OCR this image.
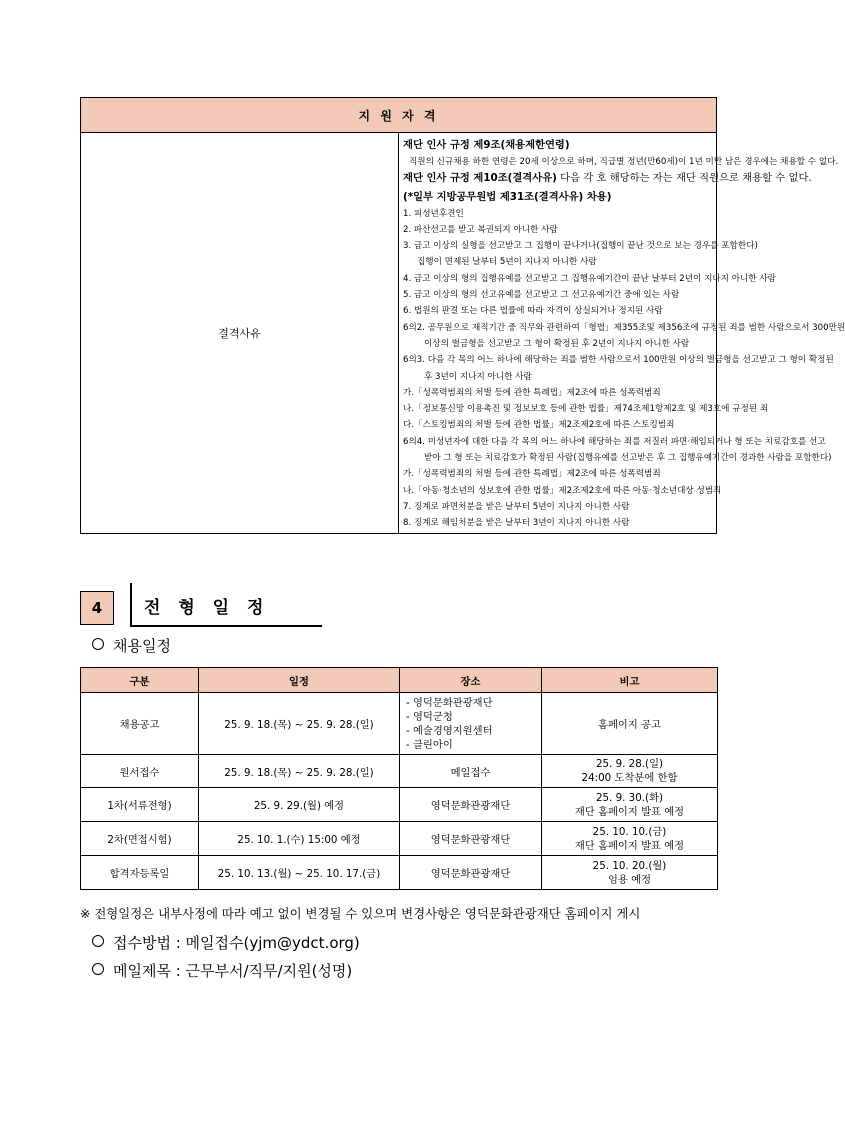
지 원 자 격
결격사유	
재단 인사 규정 제9조(채용제한연령)
직원의 신규채용 하한 연령은 20세 이상으로 하며, 직급별 정년(만60세)이 1년 미만 남은 경우에는 채용할 수 없다.
재단 인사 규정 제10조(결격사유) 다음 각 호 해당하는 자는 재단 직원으로 채용할 수 없다.
(*일부 지방공무원법 제31조(결격사유) 차용)
1. 피성년후견인
2. 파산선고를 받고 복권되지 아니한 사람
3. 금고 이상의 실형을 선고받고 그 집행이 끝나거나(집행이 끝난 것으로 보는 경우를 포함한다)
집행이 면제된 날부터 5년이 지나지 아니한 사람
4. 금고 이상의 형의 집행유예를 선고받고 그 집행유예기간이 끝난 날부터 2년이 지나지 아니한 사람
5. 금고 이상의 형의 선고유예를 선고받고 그 선고유예기간 중에 있는 사람
6. 법원의 판결 또는 다른 법률에 따라 자격이 상실되거나 정지된 사람
6의2. 공무원으로 재직기간 중 직무와 관련하여「형법」제355조및 제356조에 규정된 죄를 범한 사람으로서 300만원
이상의 벌금형을 선고받고 그 형이 확정된 후 2년이 지나지 아니한 사람
6의3. 다음 각 목의 어느 하나에 해당하는 죄를 범한 사람으로서 100만원 이상의 벌금형을 선고받고 그 형이 확정된
후 3년이 지나지 아니한 사람
가.「성폭력범죄의 처벌 등에 관한 특례법」제2조에 따른 성폭력범죄
나.「정보통신망 이용촉진 및 정보보호 등에 관한 법률」제74조제1항제2호 및 제3호에 규정된 죄
다.「스토킹범죄의 처벌 등에 관한 법률」제2조제2호에 따른 스토킹범죄
6의4. 미성년자에 대한 다음 각 목의 어느 하나에 해당하는 죄를 저질러 파면·해임되거나 형 또는 치료감호를 선고
받아 그 형 또는 치료감호가 확정된 사람(집행유예를 선고받은 후 그 집행유예기간이 경과한 사람을 포함한다)
가.「성폭력범죄의 처벌 등에 관한 특례법」제2조에 따른 성폭력범죄
나.「아동·청소년의 성보호에 관한 법률」제2조제2호에 따른 아동·청소년대상 성범죄
7. 징계로 파면처분을 받은 날부터 5년이 지나지 아니한 사람
8. 징계로 해임처분을 받은 날부터 3년이 지나지 아니한 사람
4	전 형 일 정
채용일정
구분	일정	장소	비고
채용공고	25. 9. 18.(목) ~ 25. 9. 28.(일)	- 영덕문화관광재단
- 영덕군청
- 예술경영지원센터
- 클린아이	홈페이지 공고
원서접수	25. 9. 18.(목) ~ 25. 9. 28.(일)	메일접수	25. 9. 28.(일)
24:00 도착분에 한함

1차(서류전형)	25. 9. 29.(월) 예정	영덕문화관광재단	25. 9. 30.(화)
재단 홈페이지 발표 예정

2차(면접시험)	25. 10. 1.(수) 15:00 예정	영덕문화관광재단	25. 10. 10.(금)
재단 홈페이지 발표 예정

합격자등록일	25. 10. 13.(월) ~ 25. 10. 17.(금)	영덕문화관광재단	25. 10. 20.(월)
임용 예정
※ 전형일정은 내부사정에 따라 예고 없이 변경될 수 있으며 변경사항은 영덕문화관광재단 홈페이지 게시
접수방법 : 메일접수(yjm@ydct.org)
메일제목 : 근무부서/직무/지원(성명)
